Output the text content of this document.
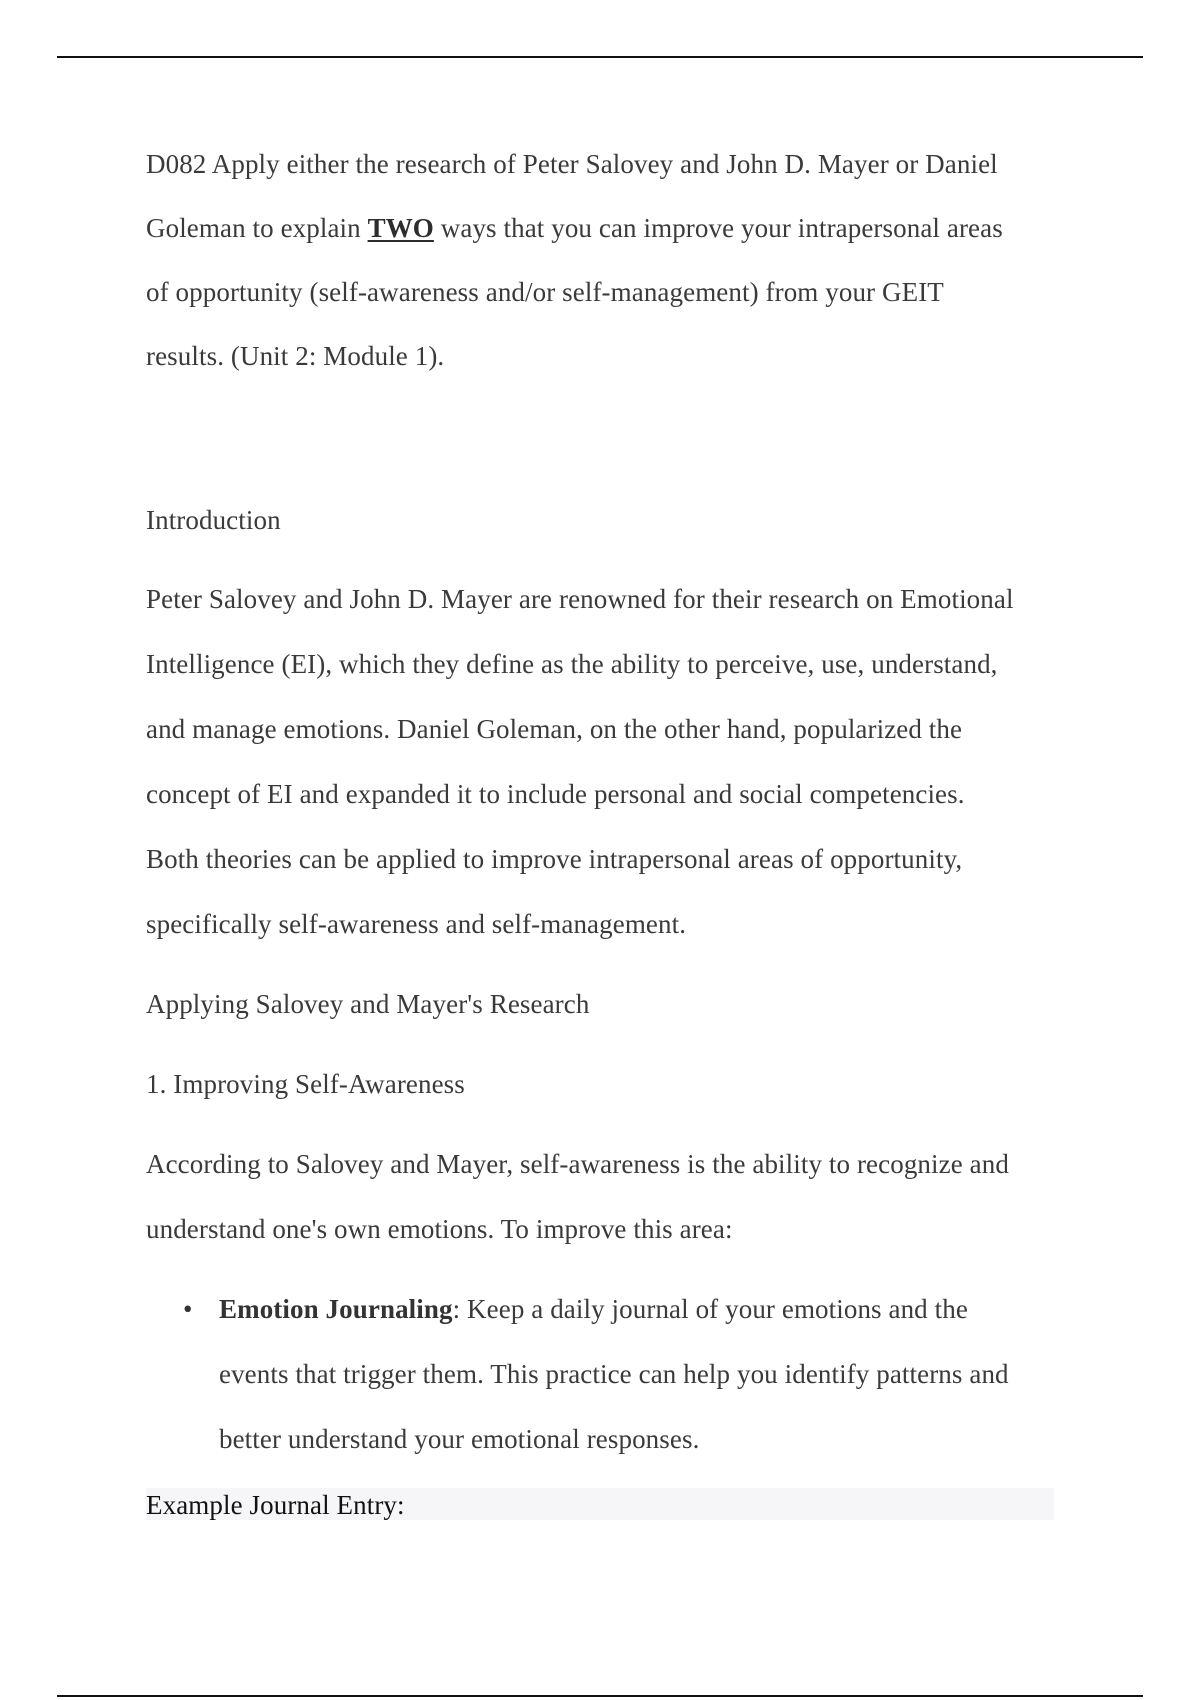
D082 Apply either the research of Peter Salovey and John D. Mayer or Daniel
Goleman to explain TWO ways that you can improve your intrapersonal areas
of opportunity (self-awareness and/or self-management) from your GEIT
results. (Unit 2: Module 1).
Introduction
Peter Salovey and John D. Mayer are renowned for their research on Emotional
Intelligence (EI), which they define as the ability to perceive, use, understand,
and manage emotions. Daniel Goleman, on the other hand, popularized the
concept of EI and expanded it to include personal and social competencies.
Both theories can be applied to improve intrapersonal areas of opportunity,
specifically self-awareness and self-management.
Applying Salovey and Mayer's Research
1. Improving Self-Awareness
According to Salovey and Mayer, self-awareness is the ability to recognize and
understand one's own emotions. To improve this area:
• Emotion Journaling: Keep a daily journal of your emotions and the
events that trigger them. This practice can help you identify patterns and
better understand your emotional responses.
Example Journal Entry:
